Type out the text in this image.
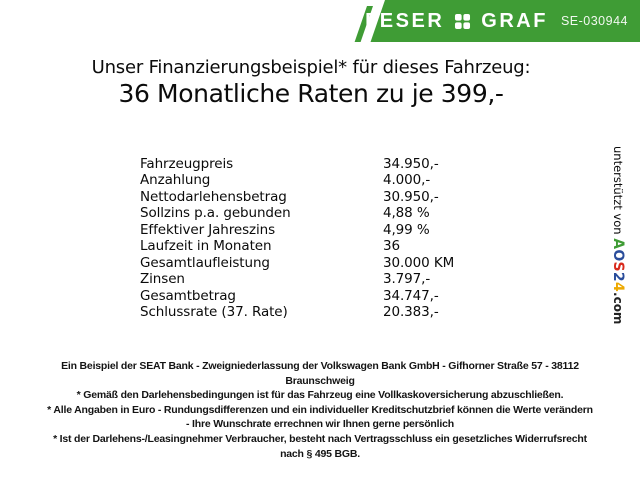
FESER GRAF SE-030944
Unser Finanzierungsbeispiel* für dieses Fahrzeug:
36 Monatliche Raten zu je 399,-
Fahrzeugpreis	34.950,-
Anzahlung	4.000,-
Nettodarlehensbetrag	30.950,-
Sollzins p.a. gebunden	4,88 %
Effektiver Jahreszins	4,99 %
Laufzeit in Monaten	36
Gesamtlaufleistung	30.000 KM
Zinsen	3.797,-
Gesamtbetrag	34.747,-
Schlussrate (37. Rate)	20.383,-
unterstützt von AOS24.com
Ein Beispiel der SEAT Bank - Zweigniederlassung der Volkswagen Bank GmbH - Gifhorner Straße 57 - 38112
Braunschweig
* Gemäß den Darlehensbedingungen ist für das Fahrzeug eine Vollkaskoversicherung abzuschließen.
* Alle Angaben in Euro - Rundungsdifferenzen und ein individueller Kreditschutzbrief können die Werte verändern
- Ihre Wunschrate errechnen wir Ihnen gerne persönlich
* Ist der Darlehens-/Leasingnehmer Verbraucher, besteht nach Vertragsschluss ein gesetzliches Widerrufsrecht
nach § 495 BGB.
